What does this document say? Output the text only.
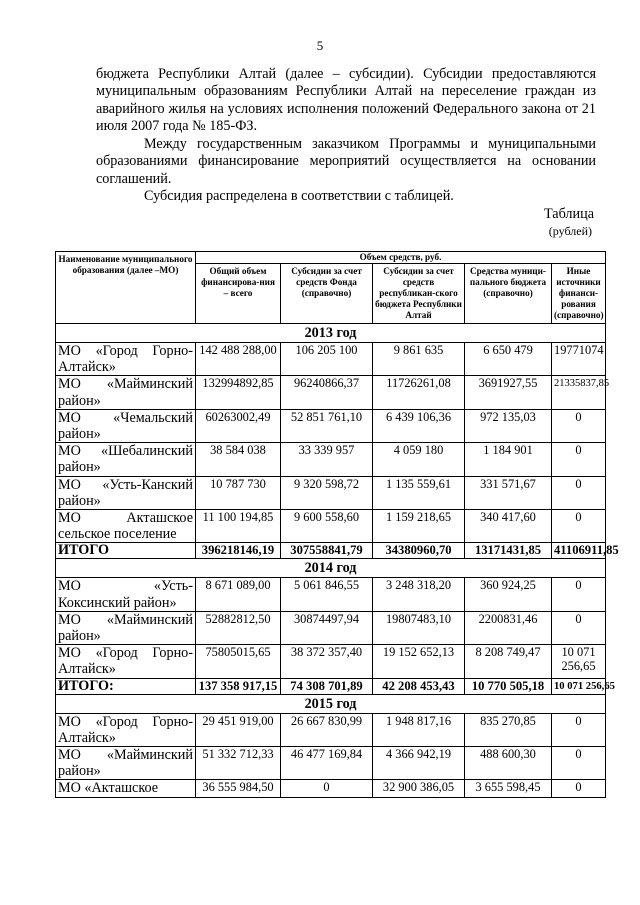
5

бюджета Республики Алтай (далее – субсидии). Субсидии предоставляются муниципальным образованиям Республики Алтай на переселение граждан из аварийного жилья на условиях исполнения положений Федерального закона от 21 июля 2007 года № 185-ФЗ.

Между государственным заказчиком Программы и муниципальными образованиями финансирование мероприятий осуществляется на основании соглашений.

Субсидия распределена в соответствии с таблицей.

Таблица
(рублей)
Наименование муниципального образования (далее –МО)	Объем средств, руб.				
	Общий объем финансирова-ния – всего	Субсидии за счет средств Фонда (справочно)	Субсидии за счет средств республикан-ского бюджета Республики Алтай	Средства муници-пального бюджета (справочно)	Иные источники финанси-рования (справочно)
2013 год					
МО «Город Горно-Алтайск»	142 488 288,00	106 205 100	9 861 635	6 650 479	19771074
МО «Майминский район»	132994892,85	96240866,37	11726261,08	3691927,55	21335837,85
МО «Чемальский район»	60263002,49	52 851 761,10	6 439 106,36	972 135,03	0
МО «Шебалинский район»	38 584 038	33 339 957	4 059 180	1 184 901	0
МО «Усть-Канский район»	10 787 730	9 320 598,72	1 135 559,61	331 571,67	0
МО Акташское сельское поселение	11 100 194,85	9 600 558,60	1 159 218,65	340 417,60	0
ИТОГО	396218146,19	307558841,79	34380960,70	13171431,85	41106911,85
2014 год					
МО «Усть-Коксинский район»	8 671 089,00	5 061 846,55	3 248 318,20	360 924,25	0
МО «Майминский район»	52882812,50	30874497,94	19807483,10	2200831,46	0
МО «Город Горно-Алтайск»	75805015,65	38 372 357,40	19 152 652,13	8 208 749,47	10 071 256,65
ИТОГО:	137 358 917,15	74 308 701,89	42 208 453,43	10 770 505,18	10 071 256,65
2015 год					
МО «Город Горно-Алтайск»	29 451 919,00	26 667 830,99	1 948 817,16	835 270,85	0
МО «Майминский район»	51 332 712,33	46 477 169,84	4 366 942,19	488 600,30	0
МО «Акташское	36 555 984,50	0	32 900 386,05	3 655 598,45	0
